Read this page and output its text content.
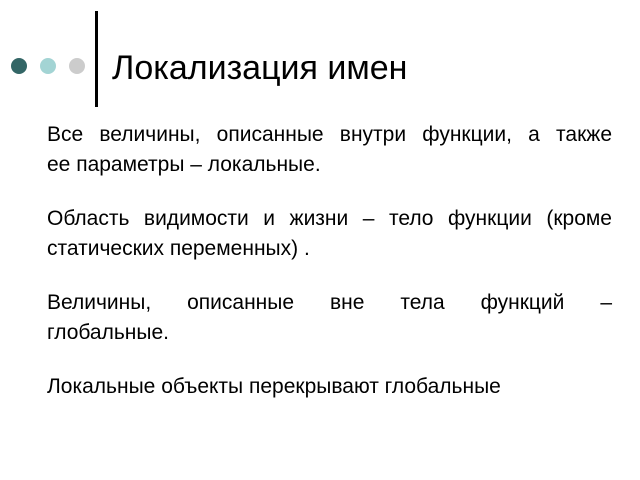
Локализация имен

Все величины, описанные внутри функции, а также
ее параметры – локальные.

Область видимости и жизни – тело функции (кроме
статических переменных) .

Величины, описанные вне тела функций –
глобальные.

Локальные объекты перекрывают глобальные
